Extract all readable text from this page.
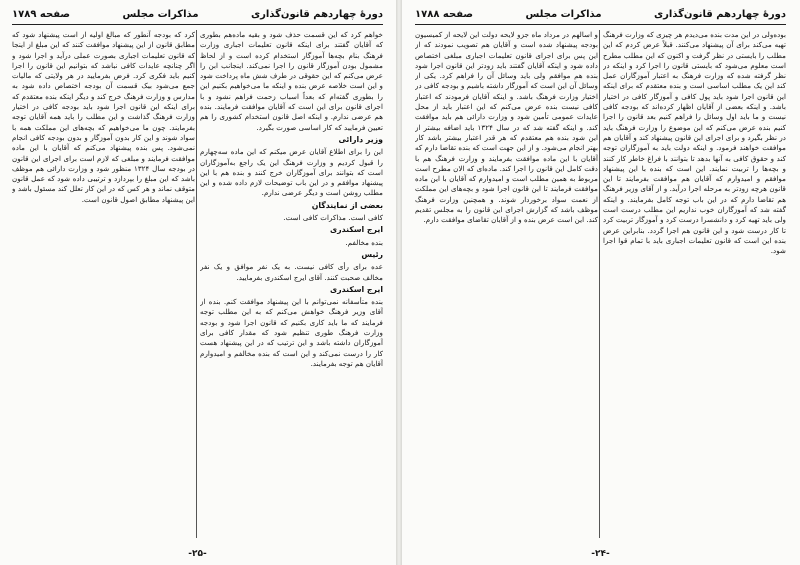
دورهٔ چهاردهم قانون‌گذاری
مذاکرات مجلس
صفحه ۱۷۸۹

خواهم کرد که این قسمت حذف شود و بقیه ماده‌هم بطوری که آقایان گفتند برای اینکه قانون تعلیمات اجباری وزارت فرهنگ بنام بچه‌ها آموزگار استخدام کرده است و از لحاظ مشمول بودن آموزگار قانون را اجرا نمی‌کند. اینجانب ابن را عرض می‌کنم که این حقوقی در طرف شش ماه پرداخت شود و این است خلاصه عرض بنده و اینکه ما می‌خواهیم بکنیم این را بطوری گفته‌ام که بعداً اسباب زحمت فراهم نشود و با اجرای قانون برای این است که آقایان موافقت فرمایند. بنده هم عرضی ندارم. و اینکه اصل قانون استخدام کشوری را هم تعیین فرمایید که کار اساسی صورت بگیرد.

وزیر دارائی

این را برای اطلاع آقایان عرض میکنم که این ماده سه‌چهارم را قبول کردیم و وزارت فرهنگ این یک راجع به‌آموزگاران است که بتوانند برای آموزگاران خرج کنند و بنده هم با این پیشنهاد موافقم و در این باب توضیحات لازم داده شده و این مطلب روشن است و دیگر عرضی ندارم.

بعضی از نمایندگان

کافی است. مذاکرات کافی است.

ایرج اسکندری

بنده مخالفم.

رئیس

عده برای رأی کافی نیست. به‌ یک نفر موافق و یک نفر مخالف صحبت کنند. آقای ایرج اسکندری بفرمایید.

ایرج اسکندری

بنده متأسفانه‌ نمی‌توانم با این پیشنهاد موافقت کنم. بنده از آقای وزیر فرهنگ خواهش می‌کنم که به این مطلب توجه فرمایند که ما باید کاری بکنیم که قانون اجرا شود و بودجه وزارت فرهنگ طوری تنظیم شود که مقدار کافی برای آموزگاران داشته باشد و این ترتیب که در این پیشنهاد هست کار را درست نمی‌کند و این است که بنده مخالفم و امیدوارم آقایان هم توجه بفرمایند.

کرد که بودجه آنطور که مبالغ اولیه از است پیشنهاد شود که مطابق قانون از این پیشنهاد موافقت کنند که این مبلغ از اینجا که قانون تعلیمات اجباری بصورت عملی درآید و اجرا شود و اگر چنانچه عایدات کافی نباشد که بتوانیم این قانون را اجرا کنیم باید فکری کرد. فرض بفرمایید در هر ولایتی که مالیات جمع می‌شود بیک قسمت آن بودجه اختصاص داده شود به مدارس و وزارت فرهنگ خرج کند و دیگر اینکه بنده معتقدم که برای اینکه این قانون اجرا شود باید بودجه کافی در اختیار وزارت فرهنگ گذاشت و این مطلب را باید همه آقایان توجه بفرمایند. چون ما می‌خواهیم که بچه‌های این مملکت همه با سواد شوند و این کار بدون آموزگار و بدون بودجه کافی انجام نمی‌شود. پس بنده پیشنهاد می‌کنم که آقایان با این ماده موافقت فرمایند و مبلغی که لازم است برای اجرای این قانون در بودجه سال ۱۳۲۴ منظور شود و وزارت دارائی هم موظف باشد که این مبلغ را بپردازد و ترتیبی داده شود که عمل قانون متوقف نماند و هر کس که در این کار تعلل کند مسئول باشد و این پیشنهاد مطابق اصول قانون است.

-۲۵-
دورهٔ چهاردهم قانون‌گذاری
مذاکرات مجلس
صفحه ۱۷۸۸

بوده‌ولی در این مدت بنده می‌دیدم هر چیزی که وزارت فرهنگ تهیه می‌کند برای آن پیشنهاد می‌کنند. قبلاً عرض کردم که این مطلب را بایستی در نظر گرفت و اکنون که این مطلب مطرح است معلوم می‌شود که بایستی قانون را اجرا کرد و اینکه در نظر گرفته شده که وزارت فرهنگ به اعتبار آموزگاران عمل کند این یک مطلب اساسی است و بنده معتقدم که برای اینکه این قانون اجرا شود باید پول کافی و آموزگار کافی در اختیار باشد. و اینکه بعضی از آقایان اظهار کرده‌اند که بودجه کافی نیست و ما باید اول وسائل را فراهم کنیم بعد قانون را اجرا کنیم بنده عرض می‌کنم که این موضوع را وزارت فرهنگ باید در نظر بگیرد و برای اجرای این قانون پیشنهاد کند و آقایان هم موافقت خواهند فرمود. و اینکه دولت باید به آموزگاران توجه کند و حقوق کافی به آنها بدهد تا بتوانند با فراغ خاطر کار کنند و بچه‌ها را تربیت نمایند. این است که بنده با این پیشنهاد موافقم و امیدوارم که آقایان هم موافقت بفرمایند تا این قانون هرچه زودتر به مرحله اجرا درآید. و از آقای وزیر فرهنگ هم تقاضا دارم که در این باب توجه کامل بفرمایند. و اینکه گفته شد که آموزگاران خوب نداریم این مطلب درست است ولی باید تهیه کرد و دانشسرا درست کرد و آموزگار تربیت کرد تا کار درست شود و این قانون هم اجرا گردد. بنابراین عرض بنده این است که قانون تعلیمات اجباری باید با تمام قوا اجرا شود.

و اسالهم در مرداد ماه جزو لایحه دولت این لایحه از کمیسیون بودجه پیشنهاد شده است و آقایان هم تصویب نمودند که از این پس برای اجرای قانون تعلیمات اجباری مبلغی اختصاص داده شود و اینکه آقایان گفتند باید زودتر این قانون اجرا شود بنده هم موافقم ولی باید وسائل آن را فراهم کرد. یکی از وسائل آن این است که آموزگار داشته باشیم و بودجه کافی در اختیار وزارت فرهنگ باشد. و اینکه آقایان فرمودند که اعتبار کافی نیست بنده عرض می‌کنم که این اعتبار باید از محل عایدات عمومی تأمین شود و وزارت دارائی هم باید موافقت کند. و اینکه گفته شد که در سال ۱۳۲۴ باید اضافه بیشتر از این شود بنده هم معتقدم که هر قدر اعتبار بیشتر باشد کار بهتر انجام می‌شود. و از این جهت است که بنده تقاضا دارم که آقایان با این ماده موافقت بفرمایند و وزارت فرهنگ هم با دقت کامل این قانون را اجرا کند. ماده‌ای که الان مطرح است مربوط به همین مطلب است و امیدوارم که آقایان با این ماده موافقت فرمایند تا این قانون اجرا شود و بچه‌های این مملکت از نعمت سواد برخوردار شوند. و همچنین وزارت فرهنگ موظف باشد که گزارش اجرای این قانون را به مجلس تقدیم کند. این است عرض بنده و از آقایان تقاضای موافقت دارم.

-۲۴-
